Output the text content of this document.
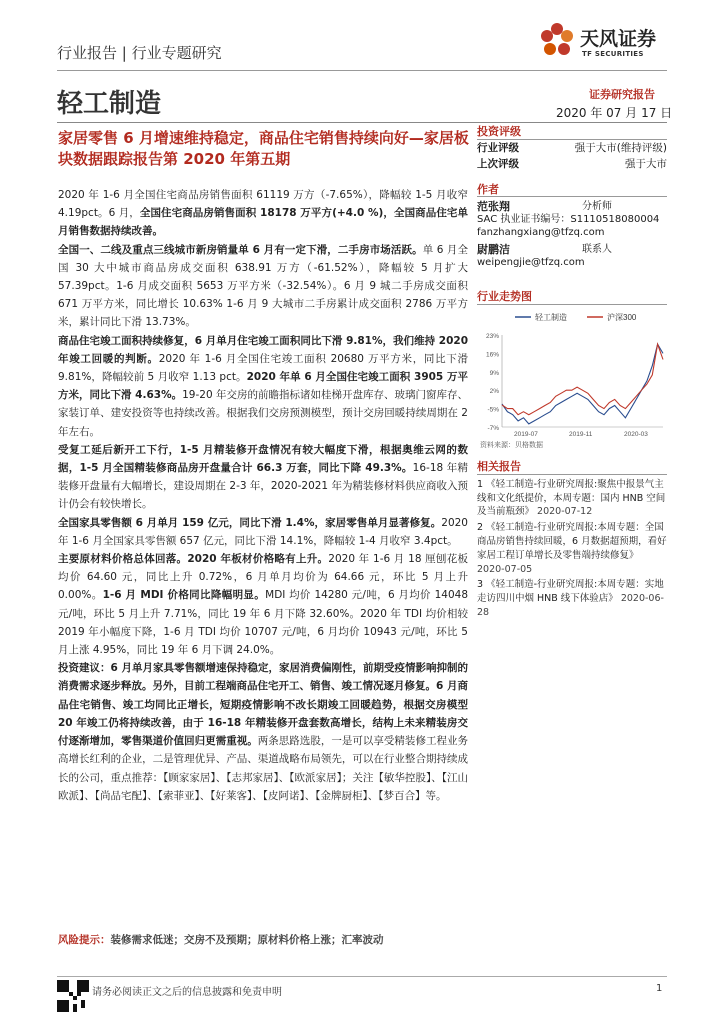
行业报告 | 行业专题研究
天风证券
TF SECURITIES
轻工制造	证券研究报告
2020 年 07 月 17 日
家居零售 6 月增速维持稳定，商品住宅销售持续向好—家居板块数据跟踪报告第 2020 年第五期

2020 年 1-6 月全国住宅商品房销售面积 61119 万方（-7.65%），降幅较 1-5 月收窄 4.19pct。6 月，全国住宅商品房销售面积 18178 万平方(+4.0 %)，全国商品住宅单月销售数据持续改善。

全国一、二线及重点三线城市新房销量单 6 月有一定下滑，二手房市场活跃。单 6 月全国 30 大中城市商品房成交面积 638.91 万方（-61.52%），降幅较 5 月扩大 57.39pct。1-6 月成交面积 5653 万平方米（-32.54%）。6 月 9 城二手房成交面积 671 万平方米，同比增长 10.63% 1-6 月 9 大城市二手房累计成交面积 2786 万平方米，累计同比下滑 13.73%。

商品住宅竣工面积持续修复，6 月单月住宅竣工面积同比下滑 9.81%，我们维持 2020 年竣工回暖的判断。2020 年 1-6 月全国住宅竣工面积 20680 万平方米，同比下滑 9.81%，降幅较前 5 月收窄 1.13 pct。2020 年单 6 月全国住宅竣工面积 3905 万平方米，同比下滑 4.63%。19-20 年交房的前瞻指标诸如桂梯开盘库存、玻璃门窗库存、家装订单、建安投资等也持续改善。根据我们交房预测模型，预计交房回暖持续周期在 2 年左右。

受复工延后新开工下行，1-5 月精装修开盘情况有较大幅度下滑，根据奥维云网的数据，1-5 月全国精装修商品房开盘量合计 66.3 万套，同比下降 49.3%。16-18 年精装修开盘量有大幅增长，建设周期在 2-3 年，2020-2021 年为精装修材料供应商收入预计仍会有较快增长。

全国家具零售额 6 月单月 159 亿元，同比下滑 1.4%，家居零售单月显著修复。2020 年 1-6 月全国家具零售额 657 亿元，同比下滑 14.1%，降幅较 1-4 月收窄 3.4pct。

主要原材料价格总体回落。2020 年板材价格略有上升。2020 年 1-6 月 18 厘刨花板均价 64.60 元，同比上升 0.72%，6 月单月均价为 64.66 元，环比 5 月上升 0.00%。1-6 月 MDI 价格同比降幅明显。MDI 均价 14280 元/吨，6 月均价 14048 元/吨，环比 5 月上升 7.71%，同比 19 年 6 月下降 32.60%。2020 年 TDI 均价相较 2019 年小幅度下降，1-6 月 TDI 均价 10707 元/吨，6 月均价 10943 元/吨，环比 5 月上涨 4.95%，同比 19 年 6 月下调 24.0%。

投资建议：6 月单月家具零售额增速保持稳定，家居消费偏刚性，前期受疫情影响抑制的消费需求逐步释放。另外，目前工程端商品住宅开工、销售、竣工情况逐月修复。6 月商品住宅销售、竣工均同比正增长，短期疫情影响不改长期竣工回暖趋势，根据交房模型 20 年竣工仍将持续改善，由于 16-18 年精装修开盘套数高增长，结构上未来精装房交付逐渐增加，零售渠道价值回归更需重视。两条思路选股，一是可以享受精装修工程业务高增长红利的企业，二是管理优异、产品、渠道战略布局领先，可以在行业整合期持续成长的公司，重点推荐：【顾家家居】、【志邦家居】、【欧派家居】；关注【敏华控股】、【江山欧派】、【尚品宅配】、【索菲亚】、【好莱客】、【皮阿诺】、【金牌厨柜】、【梦百合】等。

投资评级
行业评级	强于大市(维持评级)
上次评级	强于大市
作者
范张翔	分析师
SAC 执业证书编号：S1110518080004
fanzhangxiang@tfzq.com
尉鹏洁	联系人
weipengjie@tfzq.com
行业走势图
轻工制造	沪深300
23%
16%
9%
2%
-5%
-7%
2019-07	2019-11	2020-03
资料来源：贝格数据
相关报告
1 《轻工制造-行业研究周报:聚焦中报景气主线和文化纸提价，本周专题：国内 HNB 空间及当前瓶颈》 2020-07-12
2 《轻工制造-行业研究周报:本周专题：全国商品房销售持续回暖，6 月数据超预期，看好家居工程订单增长及零售端持续修复》 2020-07-05
3 《轻工制造-行业研究周报:本周专题：实地走访四川中烟 HNB 线下体验店》 2020-06-28
风险提示：装修需求低迷；交房不及预期；原材料价格上涨；汇率波动
请务必阅读正文之后的信息披露和免责申明	1
